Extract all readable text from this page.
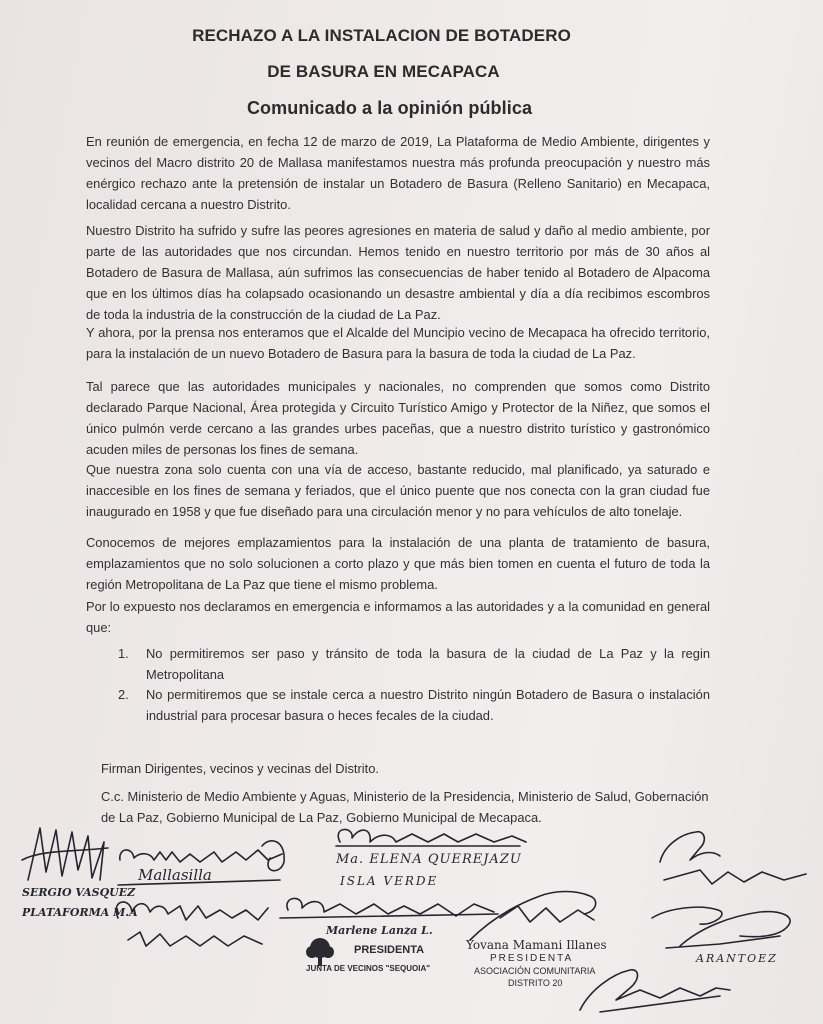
RECHAZO A LA INSTALACION DE BOTADERO
DE BASURA EN MECAPACA
Comunicado a la opinión pública
En reunión de emergencia, en fecha 12 de marzo de 2019, La Plataforma de Medio Ambiente, dirigentes y vecinos del Macro distrito 20 de Mallasa manifestamos nuestra más profunda preocupación y nuestro más enérgico rechazo ante la pretensión de instalar un Botadero de Basura (Relleno Sanitario) en Mecapaca, localidad cercana a nuestro Distrito.
Nuestro Distrito ha sufrido y sufre las peores agresiones en materia de salud y daño al medio ambiente, por parte de las autoridades que nos circundan. Hemos tenido en nuestro territorio por más de 30 años al Botadero de Basura de Mallasa, aún sufrimos las consecuencias de haber tenido al Botadero de Alpacoma que en los últimos días ha colapsado ocasionando un desastre ambiental y día a día recibimos escombros de toda la industria de la construcción de la ciudad de La Paz.
Y ahora, por la prensa nos enteramos que el Alcalde del Muncipio vecino de Mecapaca ha ofrecido territorio, para la instalación de un nuevo Botadero de Basura para la basura de toda la ciudad de La Paz.
Tal parece que las autoridades municipales y nacionales, no comprenden que somos como Distrito declarado Parque Nacional, Área protegida y Circuito Turístico Amigo y Protector de la Niñez, que somos el único pulmón verde cercano a las grandes urbes paceñas, que a nuestro distrito turístico y gastronómico acuden miles de personas los fines de semana.
Que nuestra zona solo cuenta con una vía de acceso, bastante reducido, mal planificado, ya saturado e inaccesible en los fines de semana y feriados, que el único puente que nos conecta con la gran ciudad fue inaugurado en 1958 y que fue diseñado para una circulación menor y no para vehículos de alto tonelaje.
Conocemos de mejores emplazamientos para la instalación de una planta de tratamiento de basura, emplazamientos que no solo solucionen a corto plazo y que más bien tomen en cuenta el futuro de toda la región Metropolitana de La Paz que tiene el mismo problema.
Por lo expuesto nos declaramos en emergencia e informamos a las autoridades y a la comunidad en general que:
1. No permitiremos ser paso y tránsito de toda la basura de la ciudad de La Paz y la regin Metropolitana
2. No permitiremos que se instale cerca a nuestro Distrito ningún Botadero de Basura o instalación industrial para procesar basura o heces fecales de la ciudad.
Firman Dirigentes, vecinos y vecinas del Distrito.
C.c. Ministerio de Medio Ambiente y Aguas, Ministerio de la Presidencia, Ministerio de Salud, Gobernación de La Paz, Gobierno Municipal de La Paz, Gobierno Municipal de Mecapaca.
SERGIO VASQUEZ
PLATAFORMA M.A
Mallasilla
Ma. ELENA QUEREJAZU
ISLA VERDE
Marlene Lanza L.
PRESIDENTA
JUNTA DE VECINOS "SEQUOIA"
Yovana Mamani Illanes
PRESIDENTA
ASOCIACIÓN COMUNITARIA
DISTRITO 20
ARANTOEZ
